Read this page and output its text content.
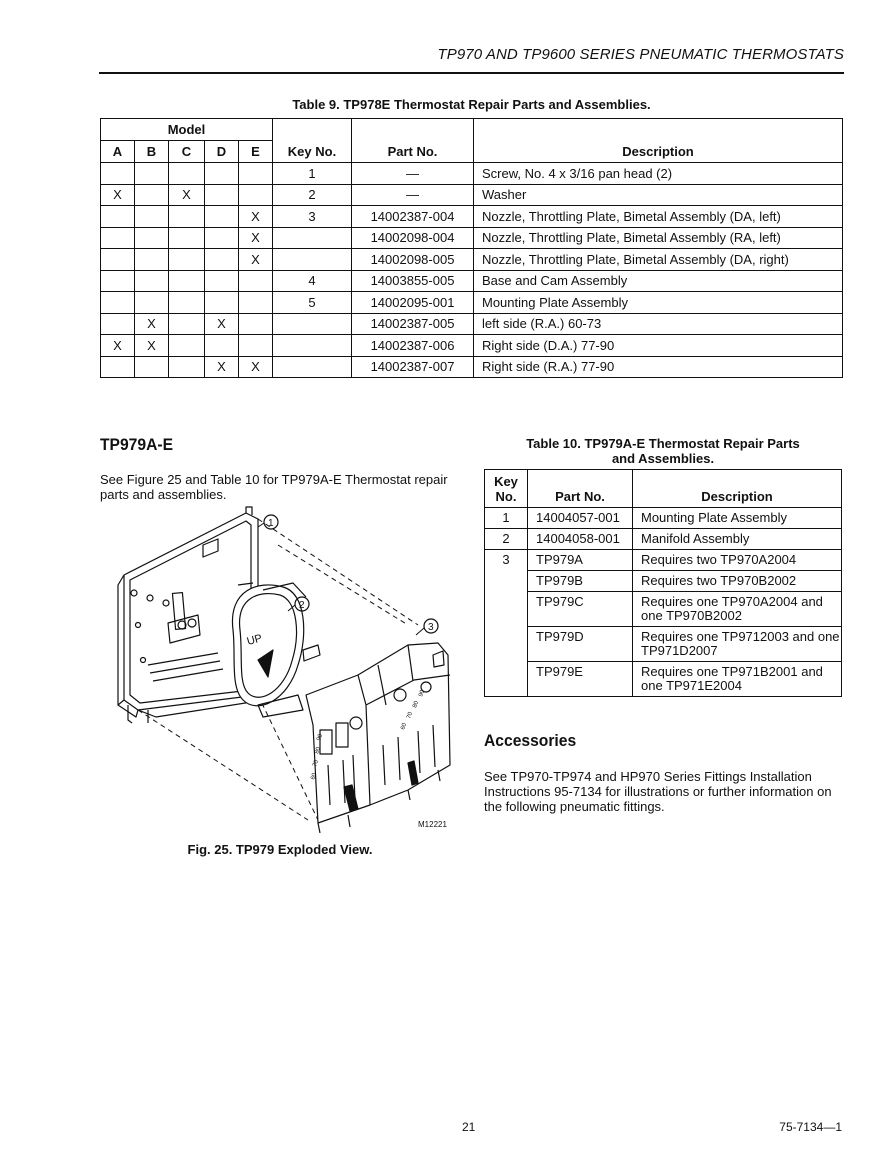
TP970 AND TP9600 SERIES PNEUMATIC THERMOSTATS
Table 9. TP978E Thermostat Repair Parts and Assemblies.
Model					Key No.	Part No.	Description
A	B	C	D	E			
					1	—	Screw, No. 4 x 3/16 pan head (2)
X		X			2	—	Washer
				X	3	14002387-004	Nozzle, Throttling Plate, Bimetal Assembly (DA, left)
				X		14002098-004	Nozzle, Throttling Plate, Bimetal Assembly (RA, left)
				X		14002098-005	Nozzle, Throttling Plate, Bimetal Assembly (DA, right)
					4	14003855-005	Base and Cam Assembly
					5	14002095-001	Mounting Plate Assembly
	X		X			14002387-005	left side (R.A.) 60-73
X	X					14002387-006	Right side (D.A.) 77-90
			X	X		14002387-007	Right side (R.A.) 77-90
TP979A-E
See Figure 25 and Table 10 for TP979A-E Thermostat repair parts and assemblies.
UP
1
2
3
60
70
80
90
60
70
80
90
M12221
Fig. 25. TP979 Exploded View.
Table 10. TP979A-E Thermostat Repair Parts
and Assemblies.
Key
No.	Part No.	Description
1	14004057-001	Mounting Plate Assembly
2	14004058-001	Manifold Assembly
3	TP979A	Requires two TP970A2004
	TP979B	Requires two TP970B2002
	TP979C	Requires one TP970A2004 and one TP970B2002
	TP979D	Requires one TP9712003 and one TP971D2007
	TP979E	Requires one TP971B2001 and one TP971E2004
Accessories
See TP970-TP974 and HP970 Series Fittings Installation Instructions 95-7134 for illustrations or further information on the following pneumatic fittings.
21	75-7134—1
